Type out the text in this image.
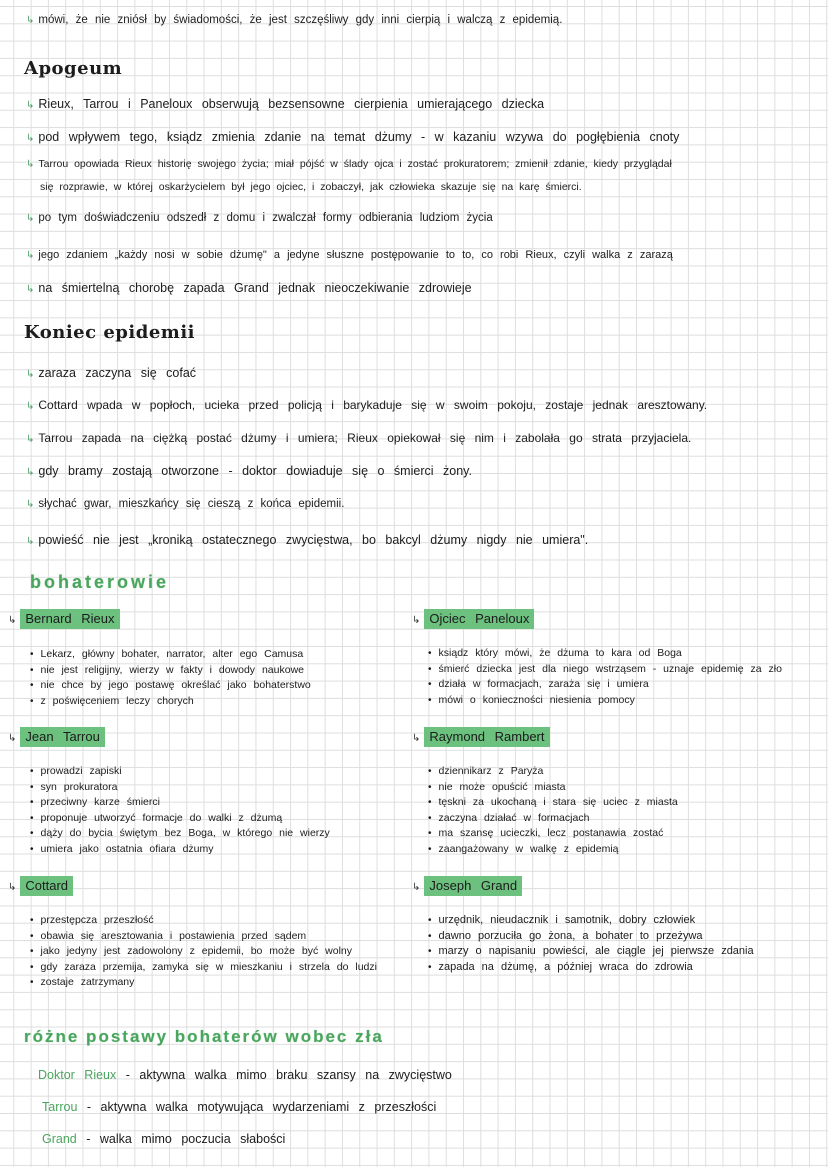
↳ mówi, że nie zniósł by świadomości, że jest szczęśliwy gdy inni cierpią i walczą z epidemią.
Apogeum
↳ Rieux, Tarrou i Paneloux obserwują bezsensowne cierpienia umierającego dziecka
↳ pod wpływem tego, ksiądz zmienia zdanie na temat dżumy - w kazaniu wzywa do pogłębienia cnoty
↳ Tarrou opowiada Rieux historię swojego życia; miał pójść w ślady ojca i zostać prokuratorem; zmienił zdanie, kiedy przyglądał
się rozprawie, w której oskarżycielem był jego ojciec, i zobaczył, jak człowieka skazuje się na karę śmierci.
↳ po tym doświadczeniu odszedł z domu i zwalczał formy odbierania ludziom życia
↳ jego zdaniem „każdy nosi w sobie dżumę" a jedyne słuszne postępowanie to to, co robi Rieux, czyli walka z zarazą
↳ na śmiertelną chorobę zapada Grand jednak nieoczekiwanie zdrowieje
Koniec epidemii
↳ zaraza zaczyna się cofać
↳ Cottard wpada w popłoch, ucieka przed policją i barykaduje się w swoim pokoju, zostaje jednak aresztowany.
↳ Tarrou zapada na ciężką postać dżumy i umiera; Rieux opiekował się nim i zabolała go strata przyjaciela.
↳ gdy bramy zostają otworzone - doktor dowiaduje się o śmierci żony.
↳ słychać gwar, mieszkańcy się cieszą z końca epidemii.
↳ powieść nie jest „kroniką ostatecznego zwycięstwa, bo bakcyl dżumy nigdy nie umiera".
bohaterowie
↳ Bernard Rieux
• Lekarz, główny bohater, narrator, alter ego Camusa
• nie jest religijny, wierzy w fakty i dowody naukowe
• nie chce by jego postawę określać jako bohaterstwo
• z poświęceniem leczy chorych
↳ Ojciec Paneloux
• ksiądz który mówi, że dżuma to kara od Boga
• śmierć dziecka jest dla niego wstrząsem - uznaje epidemię za zło
• działa w formacjach, zaraża się i umiera
• mówi o konieczności niesienia pomocy
↳ Jean Tarrou
• prowadzi zapiski
• syn prokuratora
• przeciwny karze śmierci
• proponuje utworzyć formacje do walki z dżumą
• dąży do bycia świętym bez Boga, w którego nie wierzy
• umiera jako ostatnia ofiara dżumy
↳ Raymond Rambert
• dziennikarz z Paryża
• nie może opuścić miasta
• tęskni za ukochaną i stara się uciec z miasta
• zaczyna działać w formacjach
• ma szansę ucieczki, lecz postanawia zostać
• zaangażowany w walkę z epidemią
↳ Cottard
• przestępcza przeszłość
• obawia się aresztowania i postawienia przed sądem
• jako jedyny jest zadowolony z epidemii, bo może być wolny
• gdy zaraza przemija, zamyka się w mieszkaniu i strzela do ludzi
• zostaje zatrzymany
↳ Joseph Grand
• urzędnik, nieudacznik i samotnik, dobry człowiek
• dawno porzuciła go żona, a bohater to przeżywa
• marzy o napisaniu powieści, ale ciągle jej pierwsze zdania
• zapada na dżumę, a później wraca do zdrowia
różne postawy bohaterów wobec zła
Doktor Rieux - aktywna walka mimo braku szansy na zwycięstwo
Tarrou - aktywna walka motywująca wydarzeniami z przeszłości
Grand - walka mimo poczucia słabości
